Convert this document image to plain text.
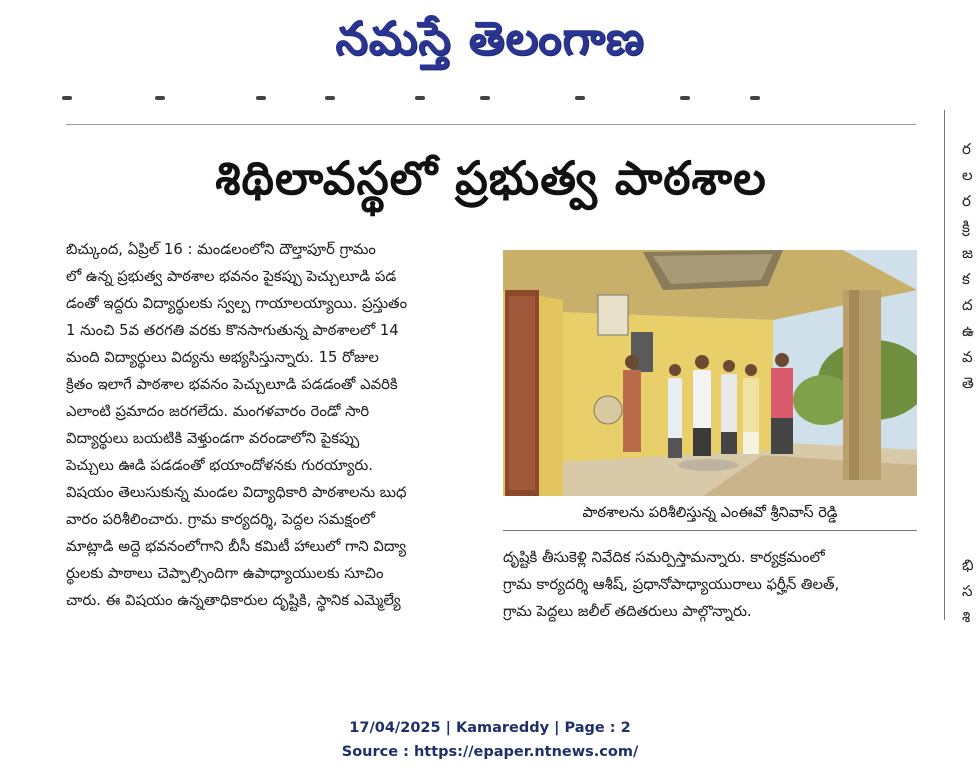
నమస్తే తెలంగాణ
శిథిలావస్థలో ప్రభుత్వ పాఠశాల

బిచ్కుంద, ఏప్రిల్ 16 : మండలంలోని దౌల్తాపూర్ గ్రామం

లో ఉన్న ప్రభుత్వ పాఠశాల భవనం పైకప్పు పెచ్చులూడి పడ

డంతో ఇద్దరు విద్యార్థులకు స్వల్ప గాయాలయ్యాయి. ప్రస్తుతం

1 నుంచి 5వ తరగతి వరకు కొనసాగుతున్న పాఠశాలలో 14

మంది విద్యార్థులు విద్యను అభ్యసిస్తున్నారు. 15 రోజుల

క్రితం ఇలాగే పాఠశాల భవనం పెచ్చులూడి పడడంతో ఎవరికి

ఎలాంటి ప్రమాదం జరగలేదు. మంగళవారం రెండో సారి

విద్యార్థులు బయటికి వెళ్తుండగా వరండాలోని పైకప్పు

పెచ్చులు ఊడి పడడంతో భయాందోళనకు గురయ్యారు.

విషయం తెలుసుకున్న మండల విద్యాధికారి పాఠశాలను బుధ

వారం పరిశీలించారు. గ్రామ కార్యదర్శి, పెద్దల సమక్షంలో

మాట్లాడి అద్దె భవనంలోగాని బీసీ కమిటీ హాలులో గాని విద్యా

ర్థులకు పాఠాలు చెప్పాల్సిందిగా ఉపాధ్యాయులకు సూచిం

చారు. ఈ విషయం ఉన్నతాధికారుల దృష్టికి, స్థానిక ఎమ్మెల్యే

పాఠశాలను పరిశీలిస్తున్న ఎంఈవో శ్రీనివాస్ రెడ్డి

దృష్టికి తీసుకెళ్లి నివేదిక సమర్పిస్తామన్నారు. కార్యక్రమంలో

గ్రామ కార్యదర్శి ఆశీష్, ప్రధానోపాధ్యాయురాలు ఫర్హీన్ తిలత్,

గ్రామ పెద్దలు జలీల్ తదితరులు పాల్గొన్నారు.

ర
ల
ర
క్రి
జ
క
ద
ఉ
వ
తె
భి
స
శి
17/04/2025 | Kamareddy | Page : 2
Source : https://epaper.ntnews.com/
